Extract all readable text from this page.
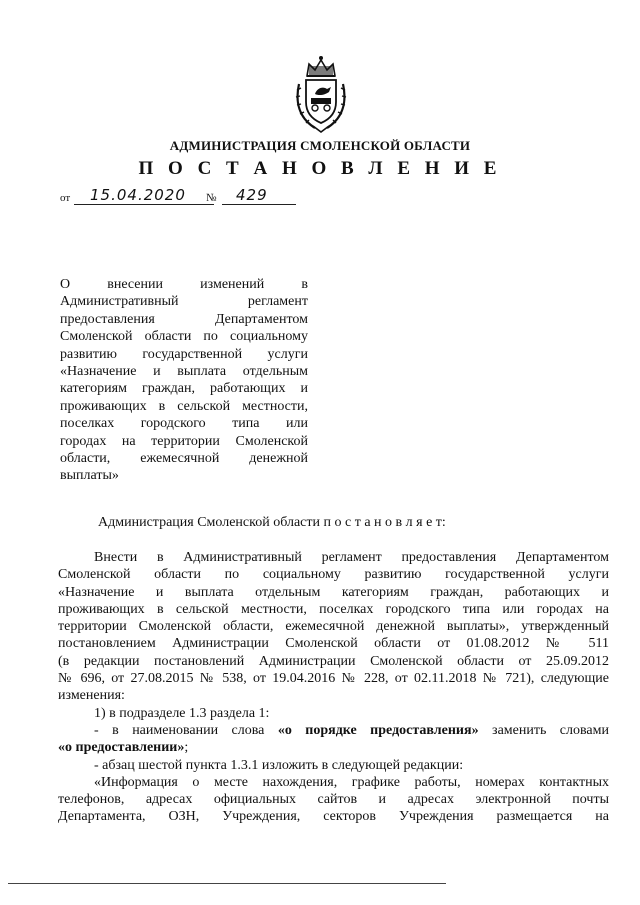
АДМИНИСТРАЦИЯ СМОЛЕНСКОЙ ОБЛАСТИ
П О С Т А Н О В Л Е Н И Е
от 15.04.2020 № 429
О внесении изменений в
Административный регламент
предоставления Департаментом
Смоленской области по социальному
развитию государственной услуги
«Назначение и выплата отдельным
категориям граждан, работающих и
проживающих в сельской местности,
поселках городского типа или
городах на территории Смоленской
области, ежемесячной денежной
выплаты»
Администрация Смоленской области п о с т а н о в л я е т:
Внести в Административный регламент предоставления Департаментом
Смоленской области по социальному развитию государственной услуги
«Назначение и выплата отдельным категориям граждан, работающих и
проживающих в сельской местности, поселках городского типа или городах на
территории Смоленской области, ежемесячной денежной выплаты», утвержденный
постановлением Администрации Смоленской области от 01.08.2012 № 511
(в редакции постановлений Администрации Смоленской области от 25.09.2012
№ 696, от 27.08.2015 № 538, от 19.04.2016 № 228, от 02.11.2018 № 721), следующие
изменения:
1) в подразделе 1.3 раздела 1:
- в наименовании слова «о порядке предоставления» заменить словами
«о предоставлении»;
- абзац шестой пункта 1.3.1 изложить в следующей редакции:
«Информация о месте нахождения, графике работы, номерах контактных
телефонов, адресах официальных сайтов и адресах электронной почты
Департамента, ОЗН, Учреждения, секторов Учреждения размещается на
